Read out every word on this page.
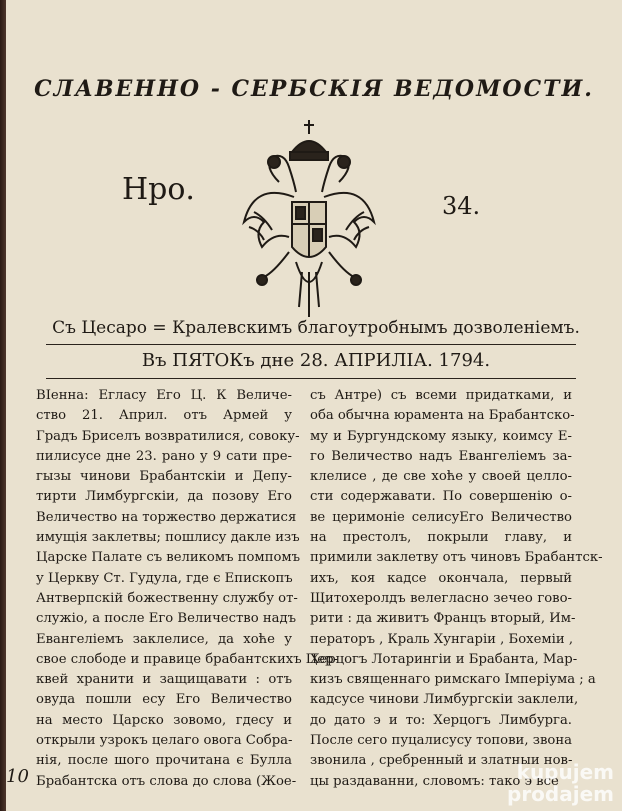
СЛАВЕННО - СЕРБСКІЯ ВЕДОМОСТИ.
Нро.	34.
Съ Цесаро = Кралевскимъ благоутробнымъ дозволеніемъ.
Въ ПЯТОКъ дне 28. АПРИЛІА. 1794.
ВІенна: Еглaсу Его Ц. К Величе-
ство 21. Април. отъ Армей у
Градъ Бриселъ возвратилися, совоку-
пилисусе дне 23. рано у 9 сати пре-
гызы чинови Брабантскіи и Депу-
тирти Лимбургскіи, да позову Его
Величество на торжество держатися
имущія заклетвы; пошлису дакле изъ
Царске Палате съ великомъ помпомъ
у Церкву Ст. Гудула, где є Епископъ
Антверпскій божественну службу от-
служіо, а после Его Величество надъ
Евангеліемъ заклелисе, да хоће у
свое слободе и правице брабантскихъ Цер-
квей хранити и защищавати : отъ
овуда пошли есу Его Величество
на место Царско зовомо, гдесу и
открыли узрокъ целаго овога Собра-
нія, после шого прочитана є Булла
Брабантска отъ слова до слова (Жое-
съ Антре) съ всеми придатками, и
оба обычна юрамента на Брабантско-
му и Бургундскому языку, коимсу Е-
го Величество надъ Евангеліемъ за-
клелисе , де све хоће у своей целло-
сти содержавати. По совершенію о-
ве церимоніе селисуЕго Величество
на престолъ, покрыли главу, и
примили заклетву отъ чиновъ Брабантск-
ихъ, коя кадсе окончала, первый
Щитохеролдъ велегласно зечео гово-
рити : да живитъ Францъ вторый, Им-
ператоръ , Краль Хунгаріи , Бохеміи ,
Херцогъ Лотарингіи и Брабанта, Мар-
кизъ священнаго римскаго Імперіума ; а
кадсусе чинови Лимбургскіи заклели,
до дато э и то: Херцогъ Лимбурга.
После сего пуцалисусу топови, звона
звонила , сребренный и златныи нов-
цы раздаванни, словомъ: тако э все
10	kupujem
prodajem
